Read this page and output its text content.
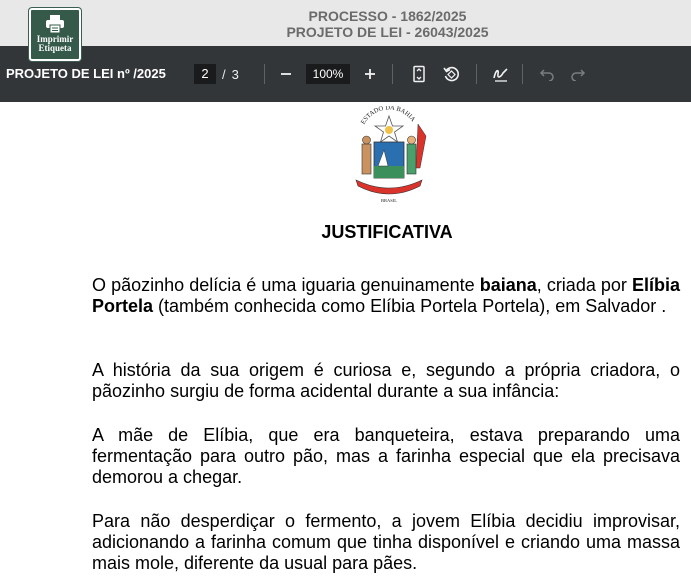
PROCESSO - 1862/2025
PROJETO DE LEI - 26043/2025
Imprimir
Etiqueta
PROJETO DE LEI nº /2025	2	/ 3	100%
ESTADO DA BAHIA
BRASIL
JUSTIFICATIVA
O pãozinho delícia é uma iguaria genuinamente baiana, criada por Elíbia Portela (também conhecida como Elíbia Portela Portela), em Salvador .
A história da sua origem é curiosa e, segundo a própria criadora, o pãozinho surgiu de forma acidental durante a sua infância:
A mãe de Elíbia, que era banqueteira, estava preparando uma fermentação para outro pão, mas a farinha especial que ela precisava demorou a chegar.
Para não desperdiçar o fermento, a jovem Elíbia decidiu improvisar, adicionando a farinha comum que tinha disponível e criando uma massa mais mole, diferente da usual para pães.
